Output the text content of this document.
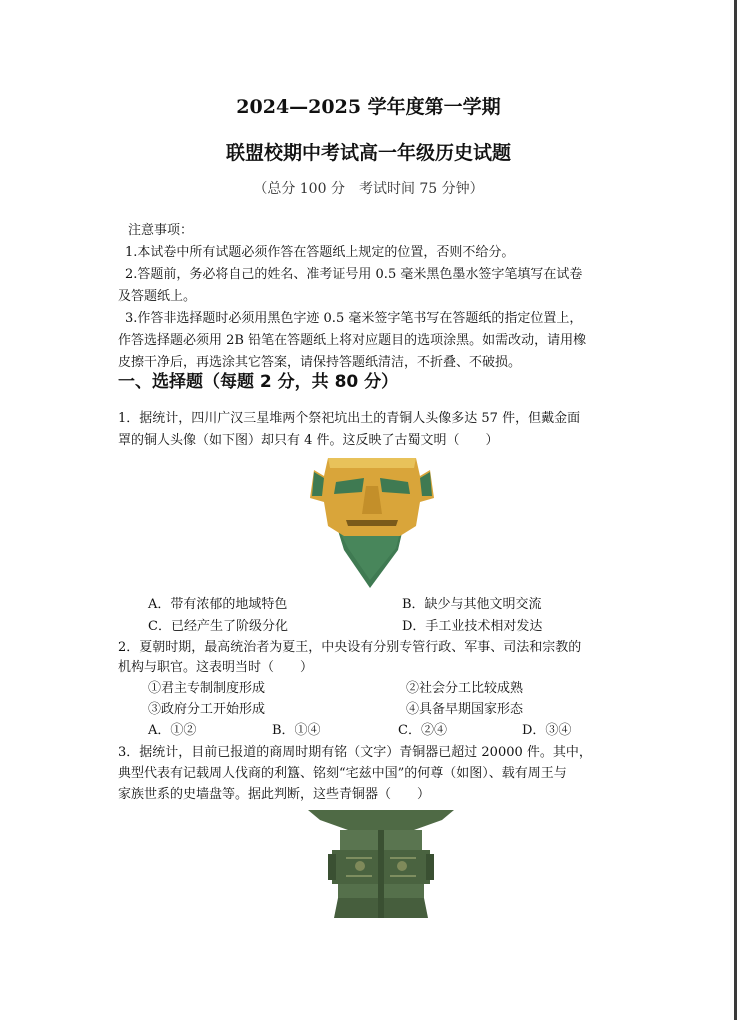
2024—2025 学年度第一学期
联盟校期中考试高一年级历史试题
（总分 100 分　考试时间 75 分钟）
注意事项：
1.本试卷中所有试题必须作答在答题纸上规定的位置，否则不给分。
2.答题前，务必将自己的姓名、准考证号用 0.5 毫米黑色墨水签字笔填写在试卷
及答题纸上。
3.作答非选择题时必须用黑色字迹 0.5 毫米签字笔书写在答题纸的指定位置上，
作答选择题必须用 2B 铅笔在答题纸上将对应题目的选项涂黑。如需改动，请用橡
皮擦干净后，再选涂其它答案，请保持答题纸清洁，不折叠、不破损。
一、选择题（每题 2 分，共 80 分）
1．据统计，四川广汉三星堆两个祭祀坑出土的青铜人头像多达 57 件，但戴金面
罩的铜人头像（如下图）却只有 4 件。这反映了古蜀文明（　　）
A．带有浓郁的地域特色	B．缺少与其他文明交流
C．已经产生了阶级分化	D．手工业技术相对发达
2．夏朝时期，最高统治者为夏王，中央设有分别专管行政、军事、司法和宗教的
机构与职官。这表明当时（　　）
①君主专制制度形成	②社会分工比较成熟
③政府分工开始形成	④具备早期国家形态
A．①②	B．①④	C．②④	D．③④
3．据统计，目前已报道的商周时期有铭（文字）青铜器已超过 20000 件。其中，
典型代表有记载周人伐商的利簋、铭刻“宅兹中国”的何尊（如图）、载有周王与
家族世系的史墙盘等。据此判断，这些青铜器（　　）
